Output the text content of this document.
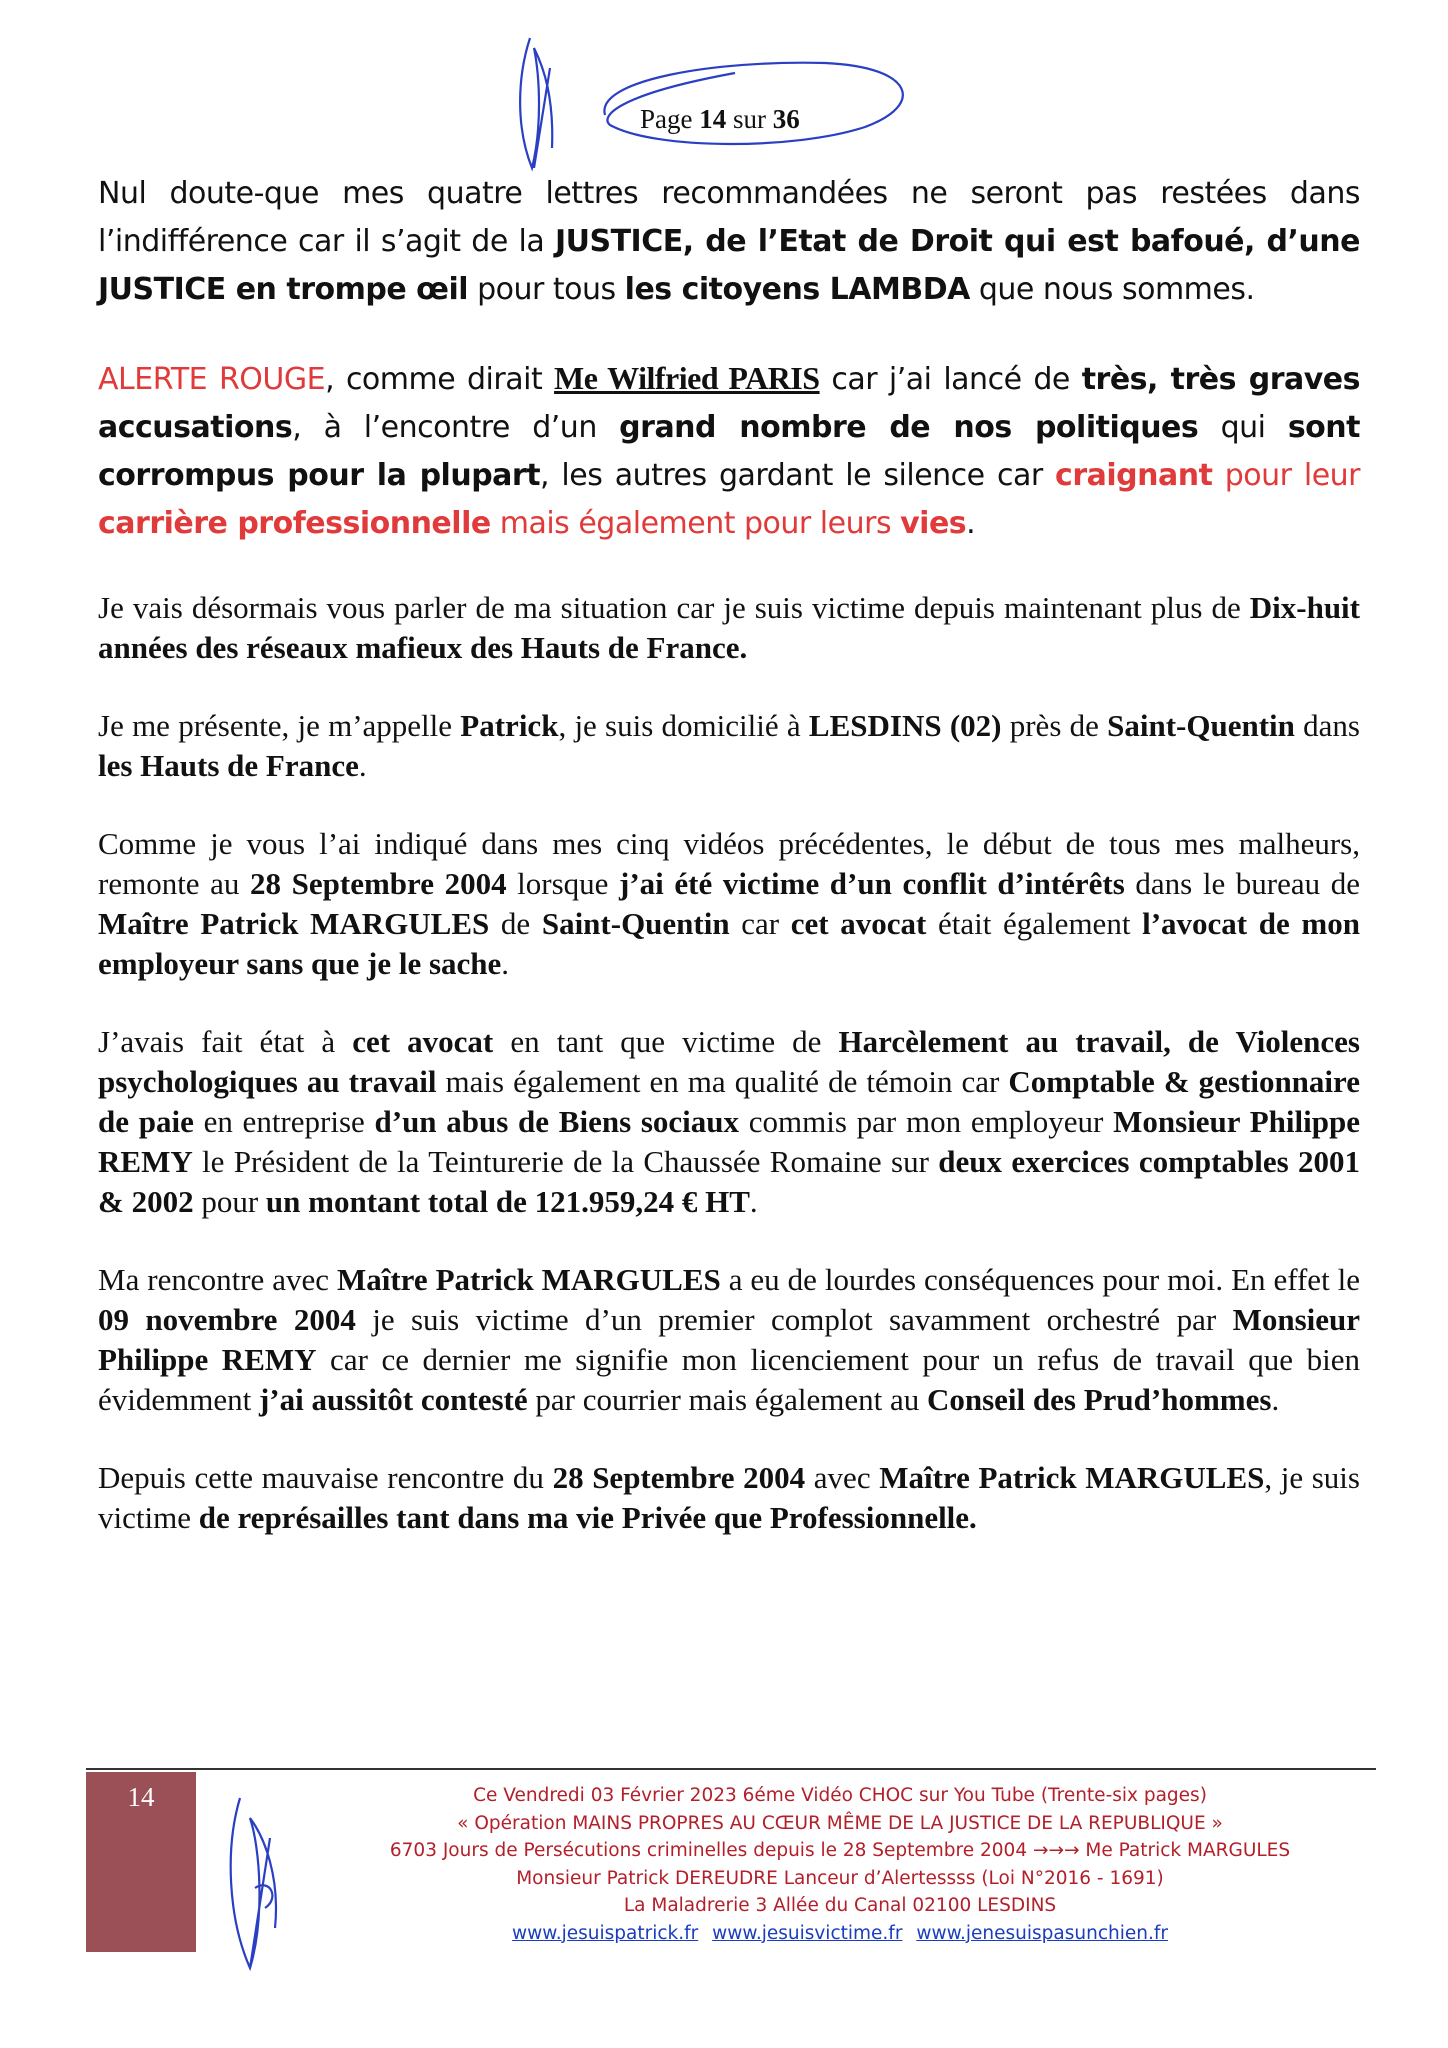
Page 14 sur 36

Nul doute-que mes quatre lettres recommandées ne seront pas restées dans l’indifférence car il s’agit de la JUSTICE, de l’Etat de Droit qui est bafoué, d’une JUSTICE en trompe œil pour tous les citoyens LAMBDA que nous sommes.

ALERTE ROUGE, comme dirait Me Wilfried PARIS car j’ai lancé de très, très graves accusations, à l’encontre d’un grand nombre de nos politiques qui sont corrompus pour la plupart, les autres gardant le silence car craignant pour leur carrière professionnelle mais également pour leurs vies.

Je vais désormais vous parler de ma situation car je suis victime depuis maintenant plus de Dix-huit années des réseaux mafieux des Hauts de France.

Je me présente, je m’appelle Patrick, je suis domicilié à LESDINS (02) près de Saint-Quentin dans les Hauts de France.

Comme je vous l’ai indiqué dans mes cinq vidéos précédentes, le début de tous mes malheurs, remonte au 28 Septembre 2004 lorsque j’ai été victime d’un conflit d’intérêts dans le bureau de Maître Patrick MARGULES de Saint-Quentin car cet avocat était également l’avocat de mon employeur sans que je le sache.

J’avais fait état à cet avocat en tant que victime de Harcèlement au travail, de Violences psychologiques au travail mais également en ma qualité de témoin car Comptable & gestionnaire de paie en entreprise d’un abus de Biens sociaux commis par mon employeur Monsieur Philippe REMY le Président de la Teinturerie de la Chaussée Romaine sur deux exercices comptables 2001 & 2002 pour un montant total de 121.959,24 € HT.

Ma rencontre avec Maître Patrick MARGULES a eu de lourdes conséquences pour moi. En effet le 09 novembre 2004 je suis victime d’un premier complot savamment orchestré par Monsieur Philippe REMY car ce dernier me signifie mon licenciement pour un refus de travail que bien évidemment j’ai aussitôt contesté par courrier mais également au Conseil des Prud’hommes.

Depuis cette mauvaise rencontre du 28 Septembre 2004 avec Maître Patrick MARGULES, je suis victime de représailles tant dans ma vie Privée que Professionnelle.

14	Ce Vendredi 03 Février 2023 6éme Vidéo CHOC sur You Tube (Trente-six pages)
« Opération MAINS PROPRES AU CŒUR MÊME DE LA JUSTICE DE LA REPUBLIQUE »
6703 Jours de Persécutions criminelles depuis le 28 Septembre 2004 →→→ Me Patrick MARGULES
Monsieur Patrick DEREUDRE Lanceur d’Alertessss (Loi N°2016 - 1691)
La Maladrerie 3 Allée du Canal 02100 LESDINS
www.jesuispatrick.fr www.jesuisvictime.fr www.jenesuispasunchien.fr
